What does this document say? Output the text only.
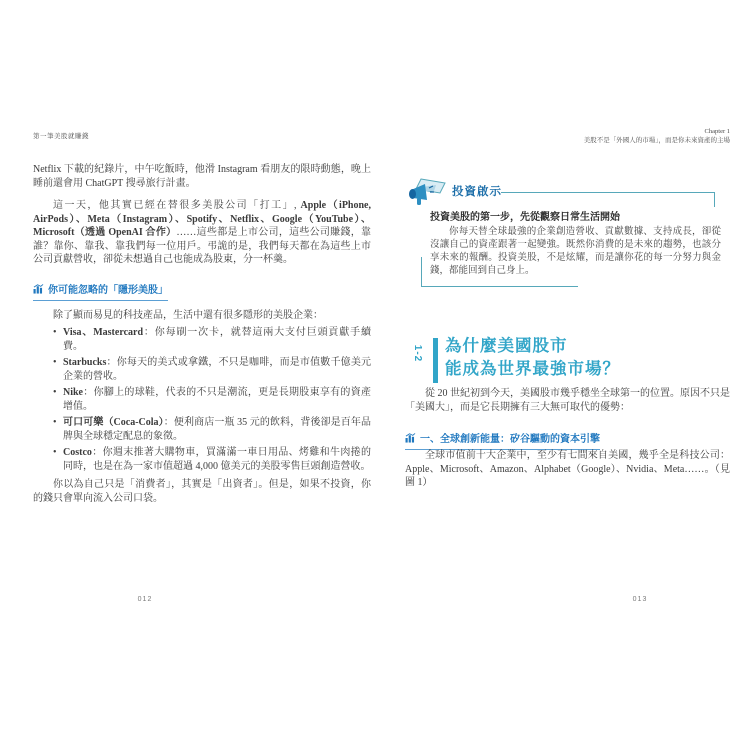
第一筆美股就賺錢
Chapter 1
美股不是「外國人的市場」，而是你未來資產的主場

Netflix 下載的紀錄片，中午吃飯時，他滑 Instagram 看朋友的限時動態，晚上睡前還會用 ChatGPT 搜尋旅行計畫。

這一天，他其實已經在替很多美股公司「打工」, Apple（iPhone, AirPods）、Meta（Instagram）、Spotify、Netflix、Google（YouTube）、Microsoft（透過 OpenAI 合作）……這些都是上市公司，這些公司賺錢，靠誰？靠你、靠我、靠我們每一位用戶。弔詭的是，我們每天都在為這些上市公司貢獻營收，卻從未想過自己也能成為股東，分一杯羹。

你可能忽略的「隱形美股」

除了顯而易見的科技產品，生活中還有很多隱形的美股企業：

• Visa、Mastercard：你每刷一次卡，就替這兩大支付巨頭貢獻手續費。
• Starbucks：你每天的美式或拿鐵，不只是咖啡，而是市值數千億美元企業的營收。
• Nike：你腳上的球鞋，代表的不只是潮流，更是長期股東享有的資產增值。
• 可口可樂（Coca-Cola）：便利商店一瓶 35 元的飲料，背後卻是百年品牌與全球穩定配息的象徵。
• Costco：你週末推著大購物車，買滿滿一車日用品、烤雞和牛肉捲的同時，也是在為一家市值超過 4,000 億美元的美股零售巨頭創造營收。

你以為自己只是「消費者」，其實是「出資者」。但是，如果不投資，你的錢只會單向流入公司口袋。

投資啟示
投資美股的第一步，先從觀察日常生活開始

你每天替全球最強的企業創造營收、貢獻數據、支持成長，卻從沒讓自己的資產跟著一起變強。既然你消費的是未來的趨勢，也該分享未來的報酬。投資美股，不是炫耀，而是讓你花的每一分努力與金錢，都能回到自己身上。

1-2 為什麼美國股市
能成為世界最強市場？

從 20 世紀初到今天，美國股市幾乎穩坐全球第一的位置。原因不只是「美國大」，而是它長期擁有三大無可取代的優勢：

一、全球創新能量：矽谷驅動的資本引擎

全球市值前十大企業中，至少有七間來自美國，幾乎全是科技公司：Apple、Microsoft、Amazon、Alphabet（Google）、Nvidia、Meta……。（見圖 1）

012	013
